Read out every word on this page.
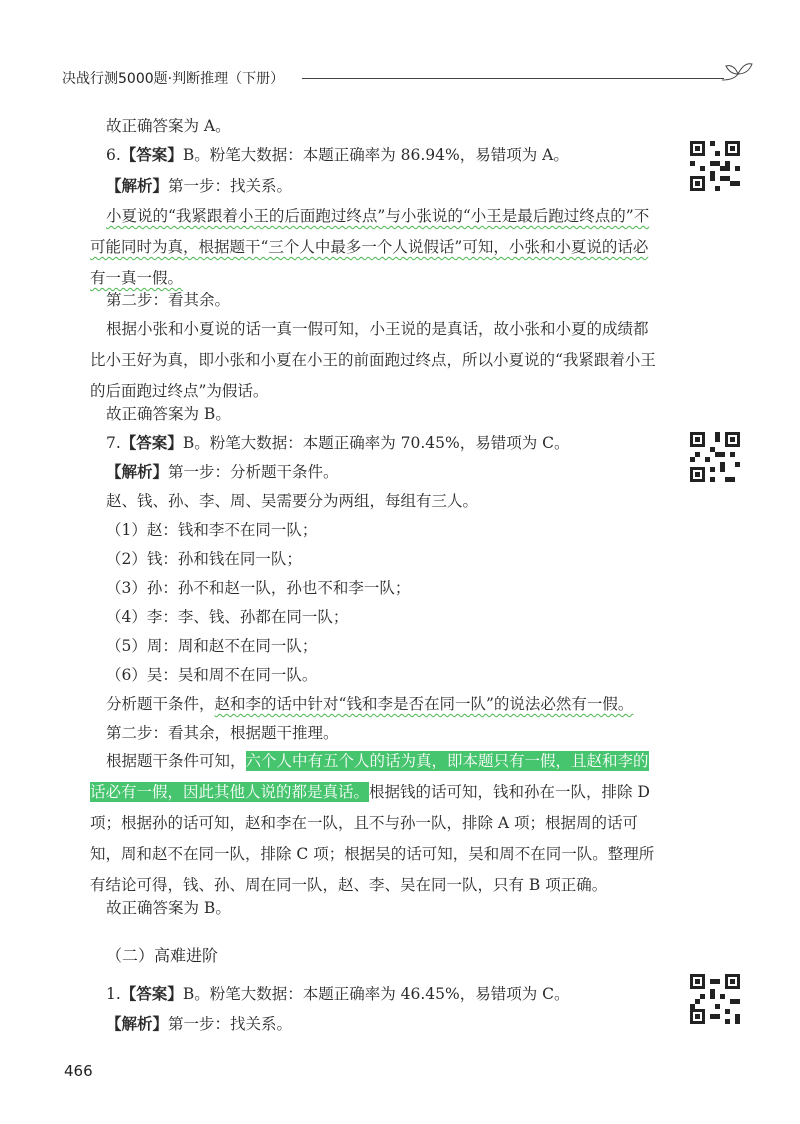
决战行测5000题·判断推理（下册）
故正确答案为 A。
6.【答案】B。粉笔大数据：本题正确率为 86.94%，易错项为 A。
【解析】第一步：找关系。
小夏说的“我紧跟着小王的后面跑过终点”与小张说的“小王是最后跑过终点的”不可能同时为真，根据题干“三个人中最多一个人说假话”可知，小张和小夏说的话必有一真一假。
第二步：看其余。
根据小张和小夏说的话一真一假可知，小王说的是真话，故小张和小夏的成绩都比小王好为真，即小张和小夏在小王的前面跑过终点，所以小夏说的“我紧跟着小王的后面跑过终点”为假话。
故正确答案为 B。
7.【答案】B。粉笔大数据：本题正确率为 70.45%，易错项为 C。
【解析】第一步：分析题干条件。
赵、钱、孙、李、周、吴需要分为两组，每组有三人。
（1）赵：钱和李不在同一队；
（2）钱：孙和钱在同一队；
（3）孙：孙不和赵一队，孙也不和李一队；
（4）李：李、钱、孙都在同一队；
（5）周：周和赵不在同一队；
（6）吴：吴和周不在同一队。
分析题干条件，赵和李的话中针对“钱和李是否在同一队”的说法必然有一假。
第二步：看其余，根据题干推理。
根据题干条件可知，六个人中有五个人的话为真，即本题只有一假，且赵和李的话必有一假，因此其他人说的都是真话。根据钱的话可知，钱和孙在一队，排除 D 项；根据孙的话可知，赵和李在一队，且不与孙一队，排除 A 项；根据周的话可知，周和赵不在同一队，排除 C 项；根据吴的话可知，吴和周不在同一队。整理所有结论可得，钱、孙、周在同一队，赵、李、吴在同一队，只有 B 项正确。
故正确答案为 B。
（二）高难进阶
1.【答案】B。粉笔大数据：本题正确率为 46.45%，易错项为 C。
【解析】第一步：找关系。
466
